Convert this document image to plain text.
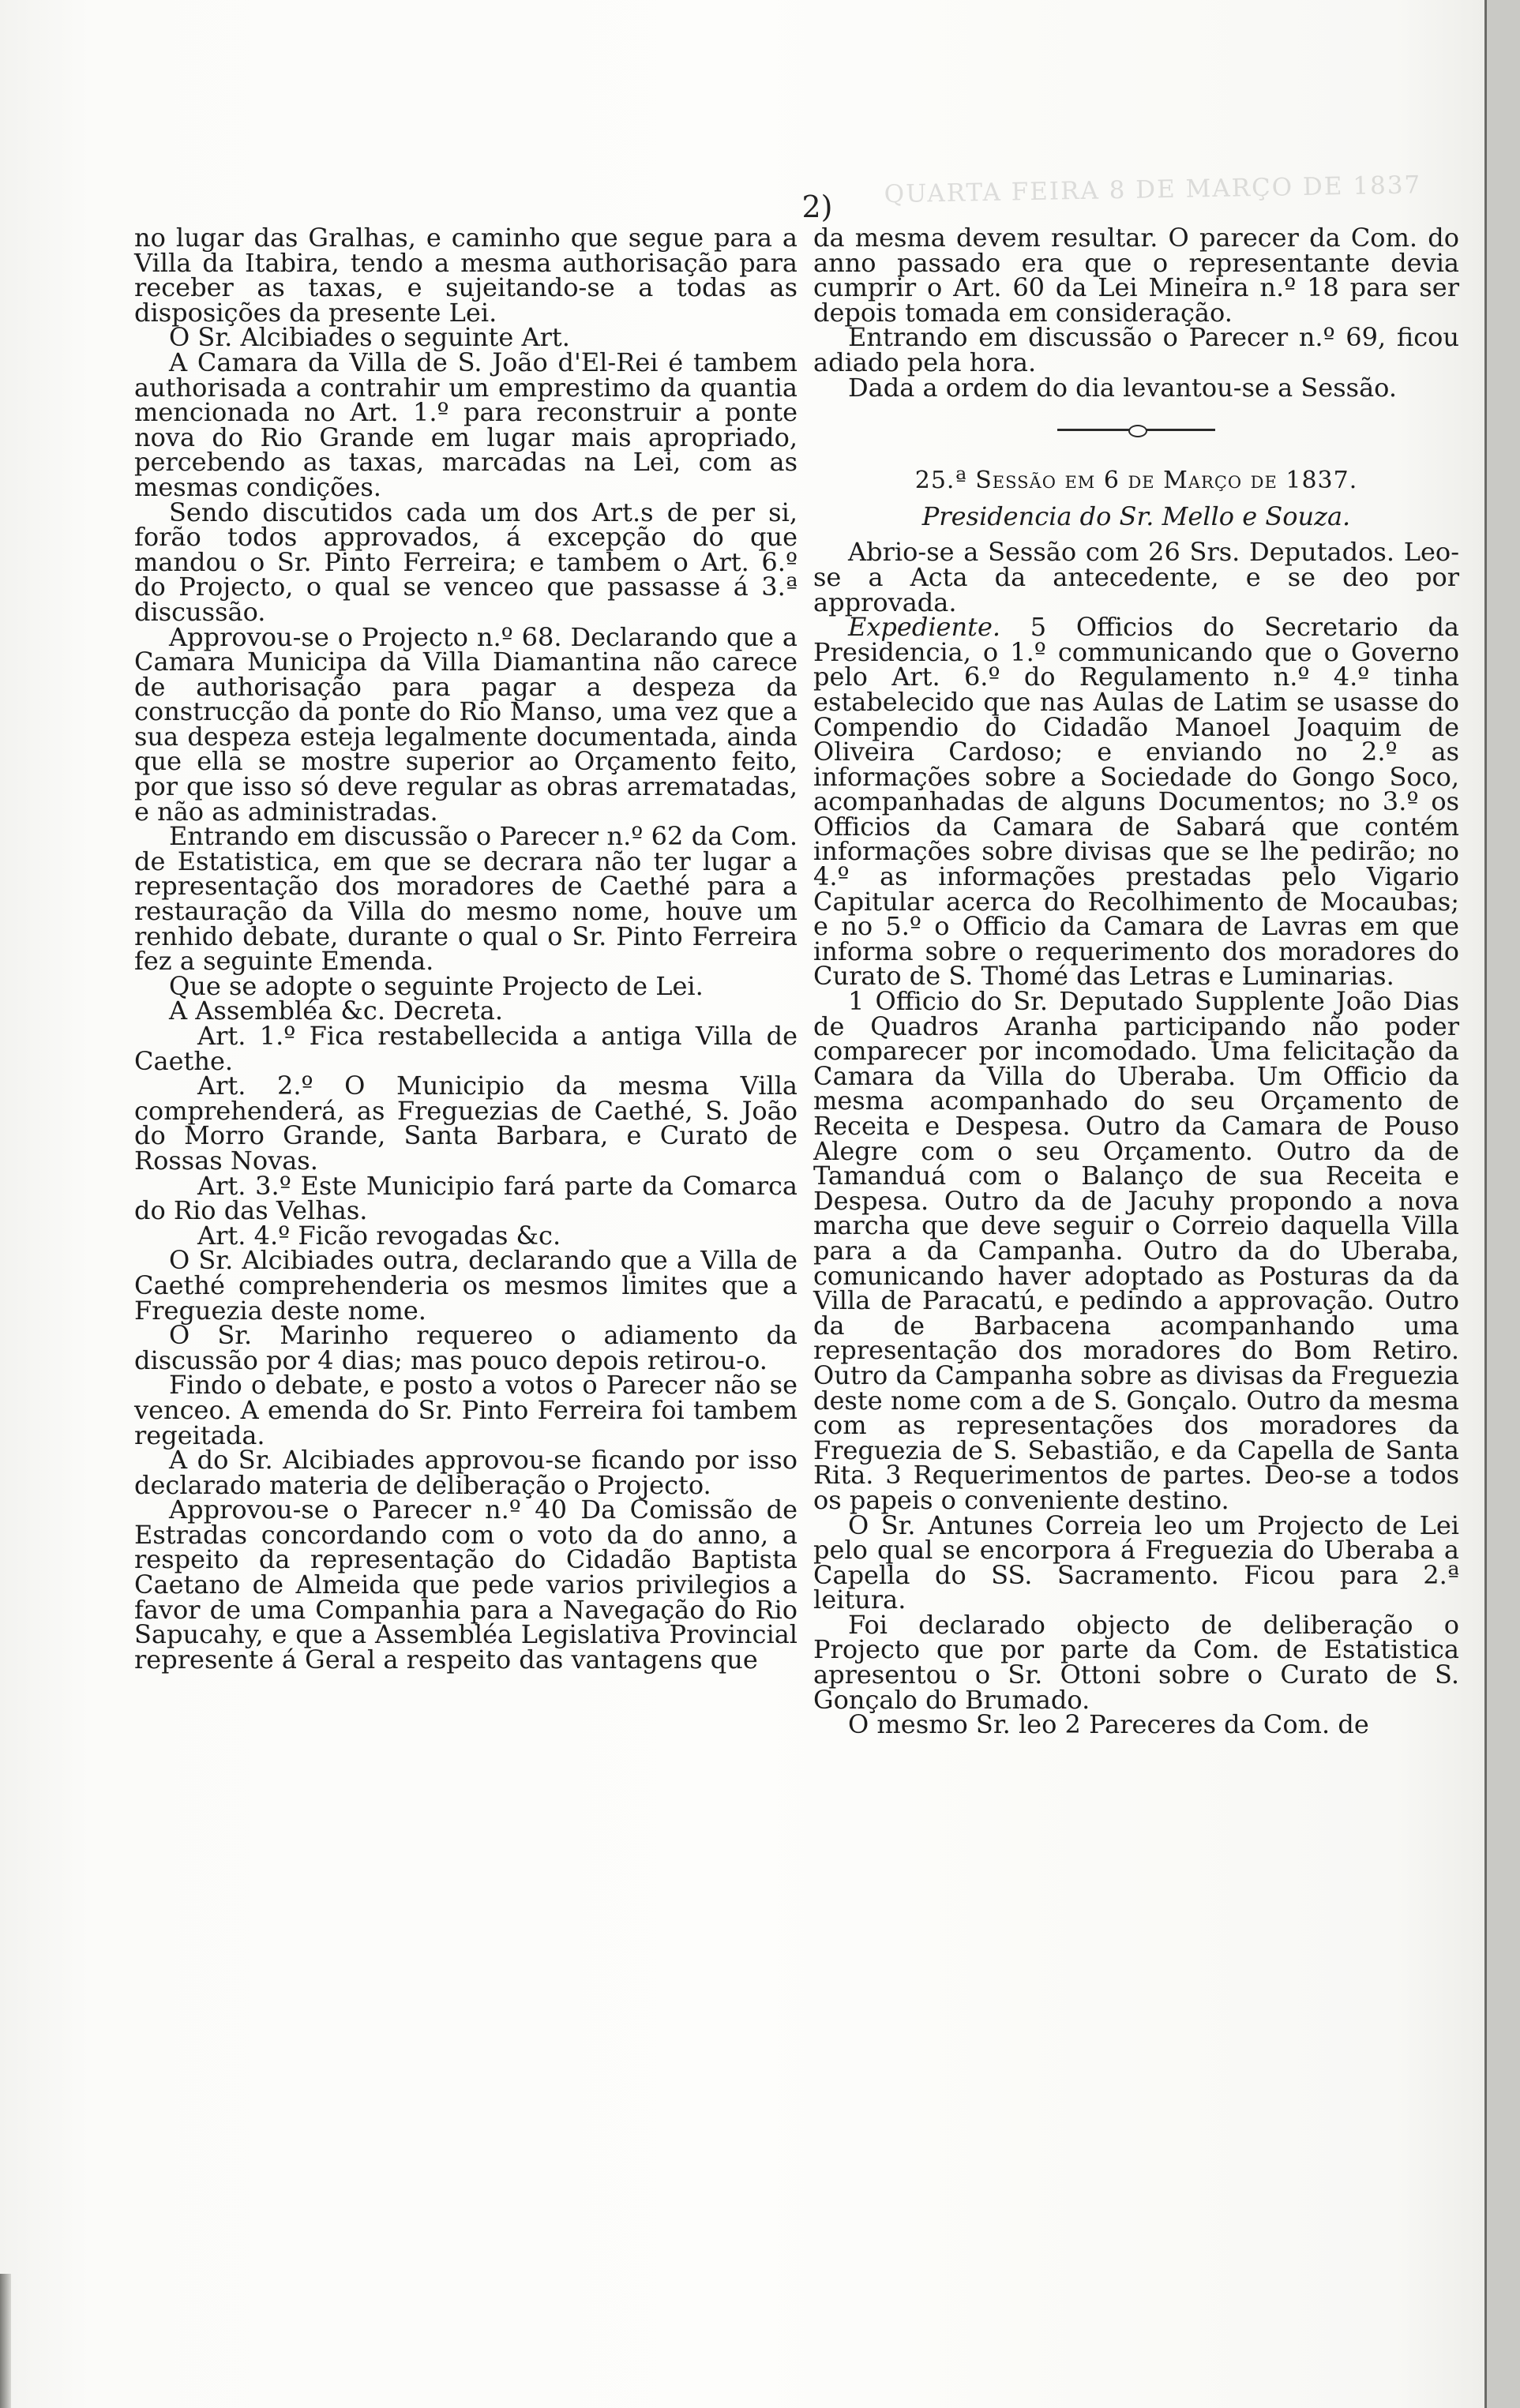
QUARTA FEIRA 8 DE MARÇO DE 1837
2)

no lugar das Gralhas, e caminho que segue para a Villa da Itabira, tendo a mesma authorisação para receber as taxas, e sujeitando-se a todas as disposições da presente Lei.

O Sr. Alcibiades o seguinte Art.

A Camara da Villa de S. João d'El-Rei é tambem authorisada a contrahir um emprestimo da quantia mencionada no Art. 1.º para reconstruir a ponte nova do Rio Grande em lugar mais apropriado, percebendo as taxas, marcadas na Lei, com as mesmas condições.

Sendo discutidos cada um dos Art.s de per si, forão todos approvados, á excepção do que mandou o Sr. Pinto Ferreira; e tambem o Art. 6.º do Projecto, o qual se venceo que passasse á 3.ª discussão.

Approvou-se o Projecto n.º 68. Declarando que a Camara Municipa da Villa Diamantina não carece de authorisação para pagar a despeza da construcção da ponte do Rio Manso, uma vez que a sua despeza esteja legalmente documentada, ainda que ella se mostre superior ao Orçamento feito, por que isso só deve regular as obras arrematadas, e não as administradas.

Entrando em discussão o Parecer n.º 62 da Com. de Estatistica, em que se decrara não ter lugar a representação dos moradores de Caethé para a restauração da Villa do mesmo nome, houve um renhido debate, durante o qual o Sr. Pinto Ferreira fez a seguinte Emenda.

Que se adopte o seguinte Projecto de Lei.

A Assembléa &c. Decreta.

Art. 1.º Fica restabellecida a antiga Villa de Caethe.

Art. 2.º O Municipio da mesma Villa comprehenderá, as Freguezias de Caethé, S. João do Morro Grande, Santa Barbara, e Curato de Rossas Novas.

Art. 3.º Este Municipio fará parte da Comarca do Rio das Velhas.

Art. 4.º Ficão revogadas &c.

O Sr. Alcibiades outra, declarando que a Villa de Caethé comprehenderia os mesmos limites que a Freguezia deste nome.

O Sr. Marinho requereo o adiamento da discussão por 4 dias; mas pouco depois retirou-o.

Findo o debate, e posto a votos o Parecer não se venceo. A emenda do Sr. Pinto Ferreira foi tambem regeitada.

A do Sr. Alcibiades approvou-se ficando por isso declarado materia de deliberação o Projecto.

Approvou-se o Parecer n.º 40 Da Comissão de Estradas concordando com o voto da do anno, a respeito da representação do Cidadão Baptista Caetano de Almeida que pede varios privilegios a favor de uma Companhia para a Navegação do Rio Sapucahy, e que a Assembléa Legislativa Provincial represente á Geral a respeito das vantagens que

da mesma devem resultar. O parecer da Com. do anno passado era que o representante devia cumprir o Art. 60 da Lei Mineira n.º 18 para ser depois tomada em consideração.

Entrando em discussão o Parecer n.º 69, ficou adiado pela hora.

Dada a ordem do dia levantou-se a Sessão.

25.ª Sessão em 6 de Março de 1837.

Presidencia do Sr. Mello e Souza.

Abrio-se a Sessão com 26 Srs. Deputados. Leo-se a Acta da antecedente, e se deo por approvada.

Expediente. 5 Officios do Secretario da Presidencia, o 1.º communicando que o Governo pelo Art. 6.º do Regulamento n.º 4.º tinha estabelecido que nas Aulas de Latim se usasse do Compendio do Cidadão Manoel Joaquim de Oliveira Cardoso; e enviando no 2.º as informações sobre a Sociedade do Gongo Soco, acompanhadas de alguns Documentos; no 3.º os Officios da Camara de Sabará que contém informações sobre divisas que se lhe pedirão; no 4.º as informações prestadas pelo Vigario Capitular acerca do Recolhimento de Mocaubas; e no 5.º o Officio da Camara de Lavras em que informa sobre o requerimento dos moradores do Curato de S. Thomé das Letras e Luminarias.

1 Officio do Sr. Deputado Supplente João Dias de Quadros Aranha participando não poder comparecer por incomodado. Uma felicitação da Camara da Villa do Uberaba. Um Officio da mesma acompanhado do seu Orçamento de Receita e Despesa. Outro da Camara de Pouso Alegre com o seu Orçamento. Outro da de Tamanduá com o Balanço de sua Receita e Despesa. Outro da de Jacuhy propondo a nova marcha que deve seguir o Correio daquella Villa para a da Campanha. Outro da do Uberaba, comunicando haver adoptado as Posturas da da Villa de Paracatú, e pedindo a approvação. Outro da de Barbacena acompanhando uma representação dos moradores do Bom Retiro. Outro da Campanha sobre as divisas da Freguezia deste nome com a de S. Gonçalo. Outro da mesma com as representações dos moradores da Freguezia de S. Sebastião, e da Capella de Santa Rita. 3 Requerimentos de partes. Deo-se a todos os papeis o conveniente destino.

O Sr. Antunes Correia leo um Projecto de Lei pelo qual se encorpora á Freguezia do Uberaba a Capella do SS. Sacramento. Ficou para 2.ª leitura.

Foi declarado objecto de deliberação o Projecto que por parte da Com. de Estatistica apresentou o Sr. Ottoni sobre o Curato de S. Gonçalo do Brumado.

O mesmo Sr. leo 2 Pareceres da Com. de
